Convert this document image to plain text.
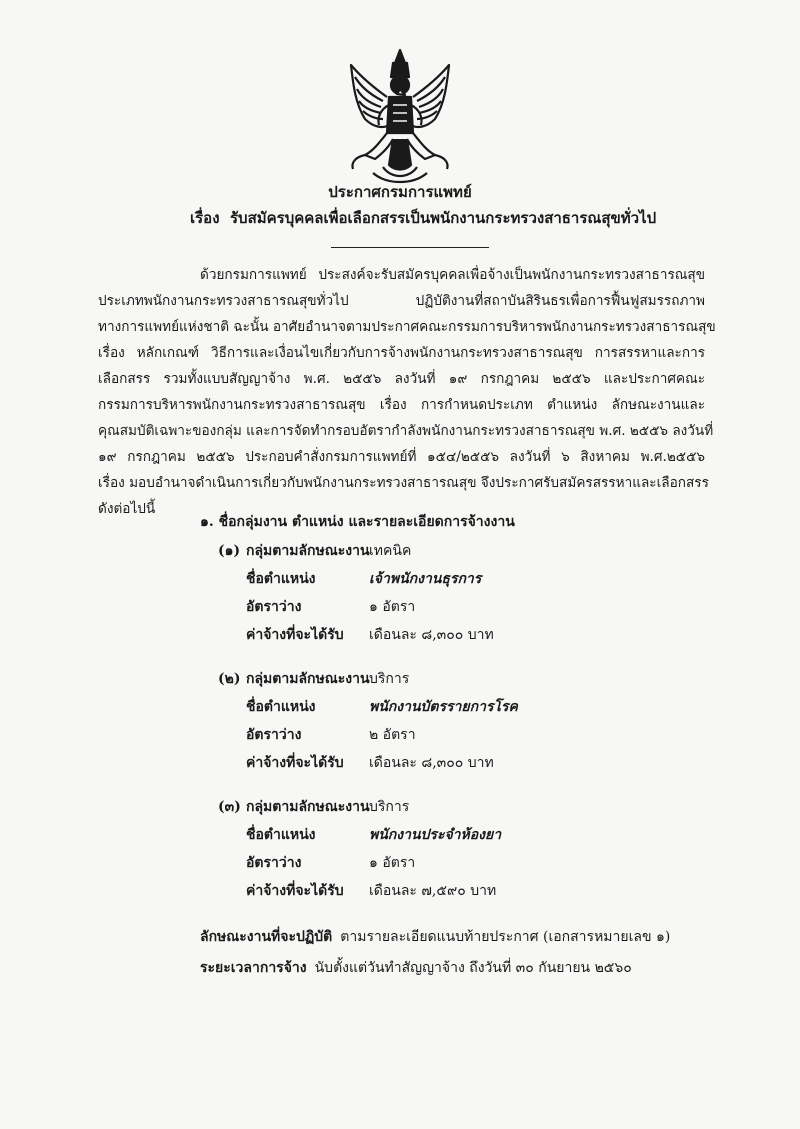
ประกาศกรมการแพทย์
เรื่อง รับสมัครบุคคลเพื่อเลือกสรรเป็นพนักงานกระทรวงสาธารณสุขทั่วไป
ด้วยกรมการแพทย์ ประสงค์จะรับสมัครบุคคลเพื่อจ้างเป็นพนักงานกระทรวงสาธารณสุข
ประเภทพนักงานกระทรวงสาธารณสุขทั่วไป ปฏิบัติงานที่สถาบันสิรินธรเพื่อการฟื้นฟูสมรรถภาพ
ทางการแพทย์แห่งชาติ ฉะนั้น อาศัยอำนาจตามประกาศคณะกรรมการบริหารพนักงานกระทรวงสาธารณสุข
เรื่อง หลักเกณฑ์ วิธีการและเงื่อนไขเกี่ยวกับการจ้างพนักงานกระทรวงสาธารณสุข การสรรหาและการ
เลือกสรร รวมทั้งแบบสัญญาจ้าง พ.ศ. ๒๕๕๖ ลงวันที่ ๑๙ กรกฎาคม ๒๕๕๖ และประกาศคณะ
กรรมการบริหารพนักงานกระทรวงสาธารณสุข เรื่อง การกำหนดประเภท ตำแหน่ง ลักษณะงานและ
คุณสมบัติเฉพาะของกลุ่ม และการจัดทำกรอบอัตรากำลังพนักงานกระทรวงสาธารณสุข พ.ศ. ๒๕๕๖ ลงวันที่
๑๙ กรกฎาคม ๒๕๕๖ ประกอบคำสั่งกรมการแพทย์ที่ ๑๕๔/๒๕๕๖ ลงวันที่ ๖ สิงหาคม พ.ศ.๒๕๕๖
เรื่อง มอบอำนาจดำเนินการเกี่ยวกับพนักงานกระทรวงสาธารณสุข จึงประกาศรับสมัครสรรหาและเลือกสรร
ดังต่อไปนี้
๑. ชื่อกลุ่มงาน ตำแหน่ง และรายละเอียดการจ้างงาน
(๑) กลุ่มตามลักษณะงาน เทคนิค
ชื่อตำแหน่ง	เจ้าพนักงานธุรการ
อัตราว่าง	๑ อัตรา
ค่าจ้างที่จะได้รับ เดือนละ ๘,๓๐๐ บาท
(๒) กลุ่มตามลักษณะงาน บริการ
ชื่อตำแหน่ง	พนักงานบัตรรายการโรค
อัตราว่าง	๒ อัตรา
ค่าจ้างที่จะได้รับ เดือนละ ๘,๓๐๐ บาท
(๓) กลุ่มตามลักษณะงาน บริการ
ชื่อตำแหน่ง	พนักงานประจำห้องยา
อัตราว่าง	๑ อัตรา
ค่าจ้างที่จะได้รับ เดือนละ ๗,๕๙๐ บาท
ลักษณะงานที่จะปฏิบัติ ตามรายละเอียดแนบท้ายประกาศ (เอกสารหมายเลข ๑)
ระยะเวลาการจ้าง นับตั้งแต่วันทำสัญญาจ้าง ถึงวันที่ ๓๐ กันยายน ๒๕๖๐
